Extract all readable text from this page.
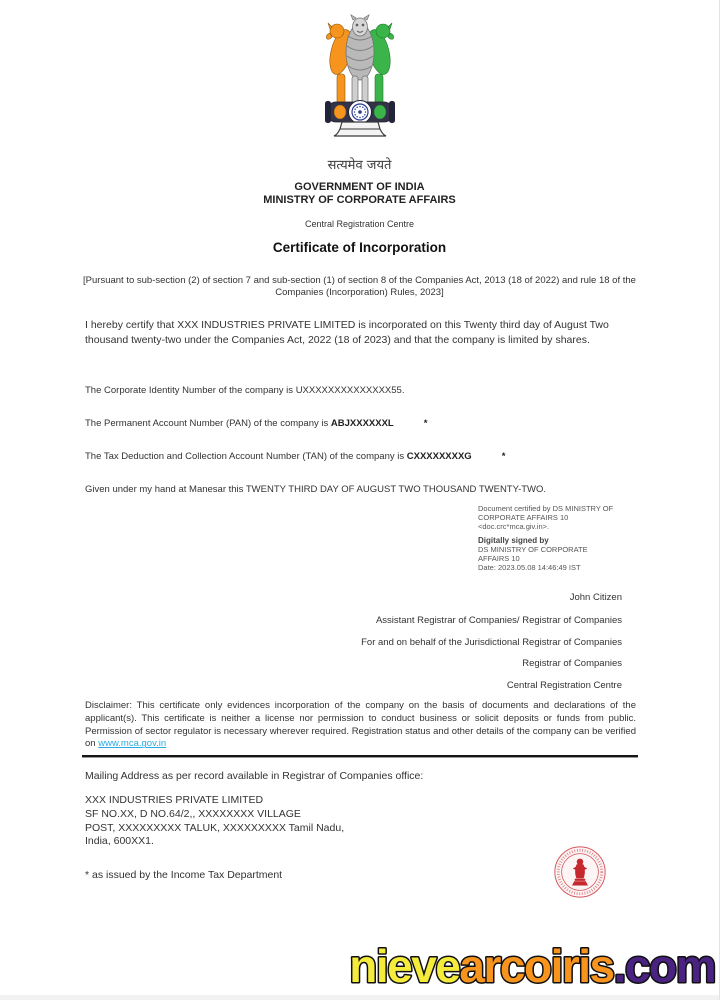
सत्यमेव जयते
GOVERNMENT OF INDIA
MINISTRY OF CORPORATE AFFAIRS
Central Registration Centre
Certificate of Incorporation
[Pursuant to sub-section (2) of section 7 and sub-section (1) of section 8 of the Companies Act, 2013 (18 of 2022) and rule 18 of the Companies (Incorporation) Rules, 2023]

I hereby certify that XXX INDUSTRIES PRIVATE LIMITED is incorporated on this Twenty third day of August Two thousand twenty-two under the Companies Act, 2022 (18 of 2023) and that the company is limited by shares.

The Corporate Identity Number of the company is UXXXXXXXXXXXXXX55.

The Permanent Account Number (PAN) of the company is ABJXXXXXXL	*

The Tax Deduction and Collection Account Number (TAN) of the company is CXXXXXXXXG	*

Given under my hand at Manesar this TWENTY THIRD DAY OF AUGUST TWO THOUSAND TWENTY-TWO.

Document certified by DS MINISTRY OF
CORPORATE AFFAIRS 10
<doc.crc*mca.giv.in>.
Digitally signed by
DS MINISTRY OF CORPORATE
AFFAIRS 10
Date: 2023.05.08 14:46:49 IST
John Citizen
Assistant Registrar of Companies/ Registrar of Companies
For and on behalf of the Jurisdictional Registrar of Companies
Registrar of Companies
Central Registration Centre

Disclaimer: This certificate only evidences incorporation of the company on the basis of documents and declarations of the applicant(s). This certificate is neither a license nor permission to conduct business or solicit deposits or funds from public. Permission of sector regulator is necessary wherever required. Registration status and other details of the company can be verified on www.mca.gov.in

Mailing Address as per record available in Registrar of Companies office:
XXX INDUSTRIES PRIVATE LIMITED
SF NO.XX, D NO.64/2,, XXXXXXXX VILLAGE
POST, XXXXXXXXX TALUK, XXXXXXXXX Tamil Nadu,
India, 600XX1.
* as issued by the Income Tax Department
nievearcoiris.com
